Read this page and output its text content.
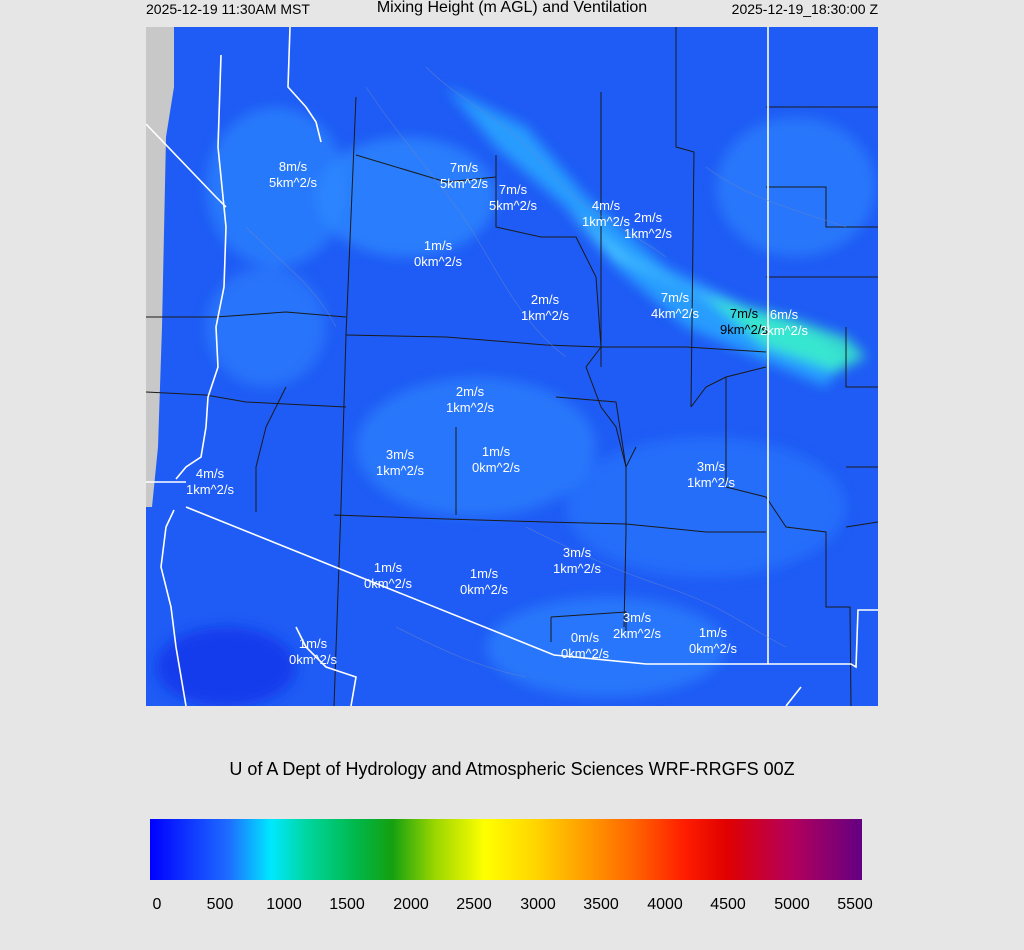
2025-12-19 11:30AM MST	Mixing Height (m AGL) and Ventilation	2025-12-19_18:30:00 Z
8m/s
5km^2/s
7m/s
5km^2/s 7m/s
5km^2/s	4m/s
1km^2/s 2m/s
1km^2/s
1m/s
0km^2/s
2m/s
1km^2/s
7m/s
4km^2/s	7m/s
9km^2/s
6m/s
2km^2/s
2m/s
1km^2/s
3m/s
1km^2/s
1m/s
0km^2/s
4m/s
1km^2/s
3m/s
1km^2/s
1m/s
0km^2/s
1m/s
0km^2/s
3m/s
1km^2/s
3m/s
2km^2/s
0m/s
0km^2/s
1m/s
0km^2/s
1m/s
0km^2/s
U of A Dept of Hydrology and Atmospheric Sciences WRF-RRGFS 00Z
0	500 1000 1500 2000 2500 3000 3500 4000 4500 5000 5500
